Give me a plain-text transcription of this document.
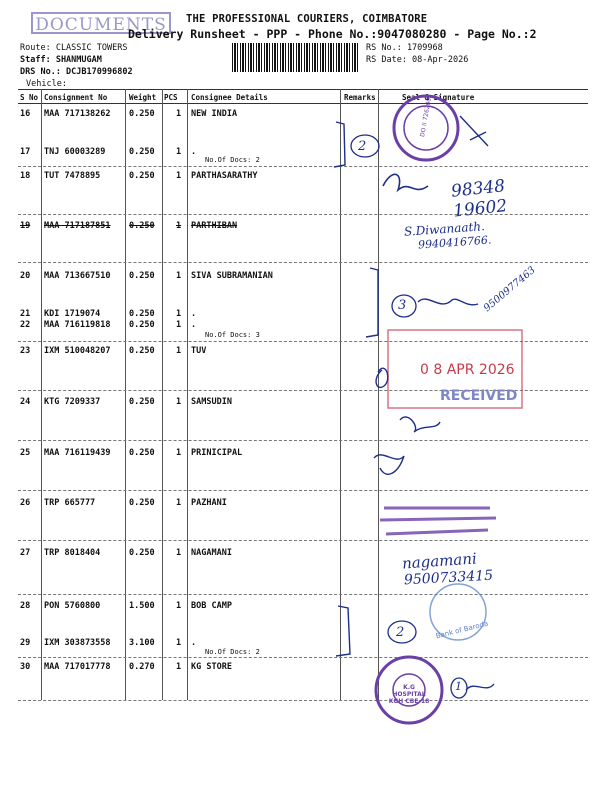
DOCUMENTS	THE PROFESSIONAL COURIERS, COIMBATORE
Delivery Runsheet - PPP - Phone No.:9047080280 - Page No.:2
Route: CLASSIC TOWERS
Staff: SHANMUGAM
DRS No.: DCJB170996802
Vehicle:
RS No.: 1709968
RS Date: 08-Apr-2026
S No Consignment No	Weight PCS Consignee Details	Remarks	Seal & Signature
16 MAA 717138262 0.250	1 NEW INDIA
17 TNJ 60003289	0.250	1 .
No.Of Docs: 2
18 TUT 7478895	0.250	1 PARTHASARATHY
19 MAA 717187851 0.250	1 PARTHIBAN
20 MAA 713667510 0.250	1 SIVA SUBRAMANIAN
21 KDI 1719074	0.250	1 .
22 MAA 716119818 0.250	1 .
No.Of Docs: 3
23 IXM 510048207 0.250	1 TUV
24 KTG 7209337	0.250	1 SAMSUDIN
25 MAA 716119439 0.250	1 PRINICIPAL
26 TRP 665777	0.250	1 PAZHANI
27 TRP 8018404	0.250	1 NAGAMANI
28 PON 5760800	1.500	1 BOB CAMP
29 IXM 303873558 3.100	1 .
No.Of Docs: 2
30 MAA 717017778 0.270	1 KG STORE
2
3
2
1
98348 19602
S.Diwanaath.
9940416766.
9500977463
0 8 APR 2026
RECEIVED
nagamani
9500733415
DO II 726200
K.G HOSPITAL KGH CBE-18
Bank of Baroda
